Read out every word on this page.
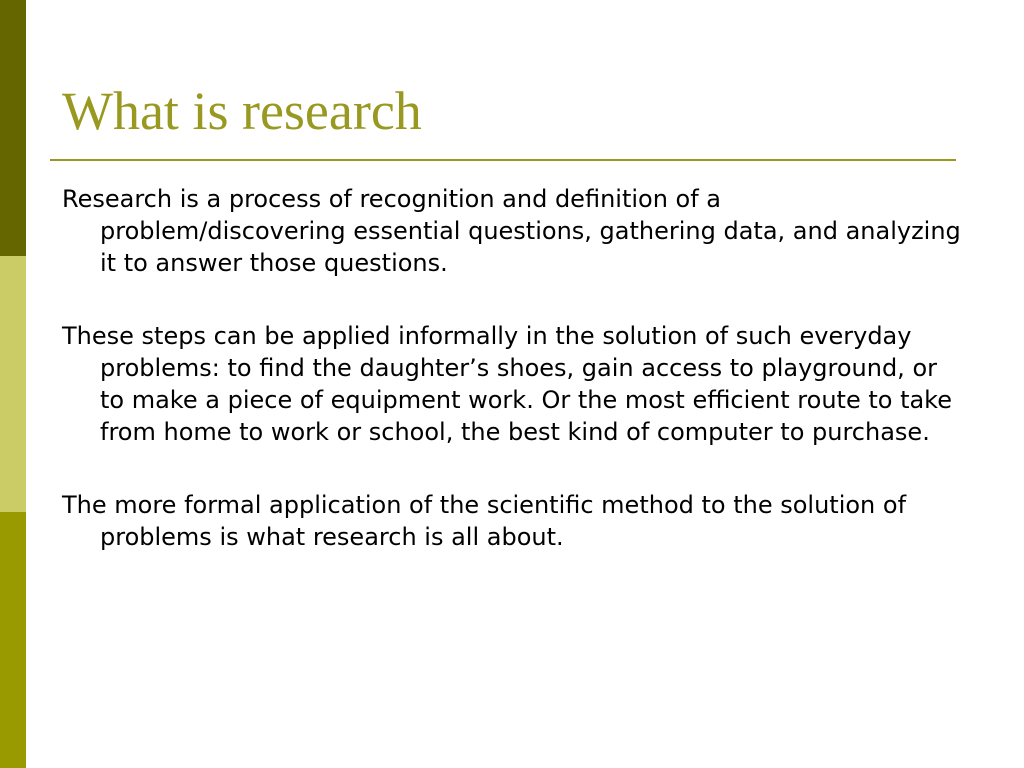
What is research

Research is a process of recognition and definition of a problem/discovering essential questions, gathering data, and analyzing it to answer those questions.

These steps can be applied informally in the solution of such everyday problems: to find the daughter’s shoes, gain access to playground, or to make a piece of equipment work. Or the most efficient route to take from home to work or school, the best kind of computer to purchase.

The more formal application of the scientific method to the solution of problems is what research is all about.
